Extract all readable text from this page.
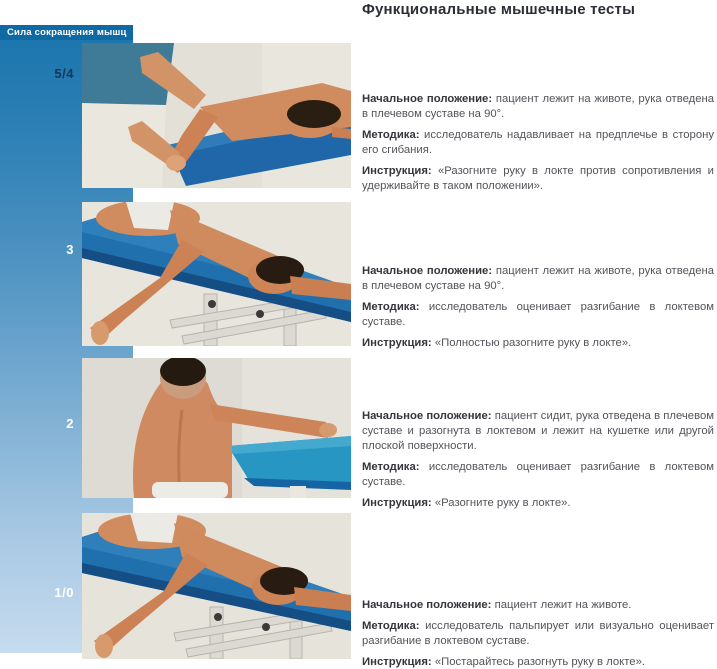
Сила сокращения мышц
5/4
3
2
1/0
Функциональные мышечные тесты

Начальное положение: пациент лежит на животе, рука отведена в плечевом суставе на 90°.

Методика: исследователь надавливает на предплечье в сторону его сгибания.

Инструкция: «Разогните руку в локте против сопротивления и удерживайте в таком положении».

Начальное положение: пациент лежит на животе, рука отведена в плечевом суставе на 90°.

Методика: исследователь оценивает разгибание в локтевом суставе.

Инструкция: «Полностью разогните руку в локте».

Начальное положение: пациент сидит, рука отведена в плечевом суставе и разогнута в локтевом и лежит на кушетке или другой плоской поверхности.

Методика: исследователь оценивает разгибание в локтевом суставе.

Инструкция: «Разогните руку в локте».

Начальное положение: пациент лежит на животе.

Методика: исследователь пальпирует или визуально оценивает разгибание в локтевом суставе.

Инструкция: «Постарайтесь разогнуть руку в локте».
